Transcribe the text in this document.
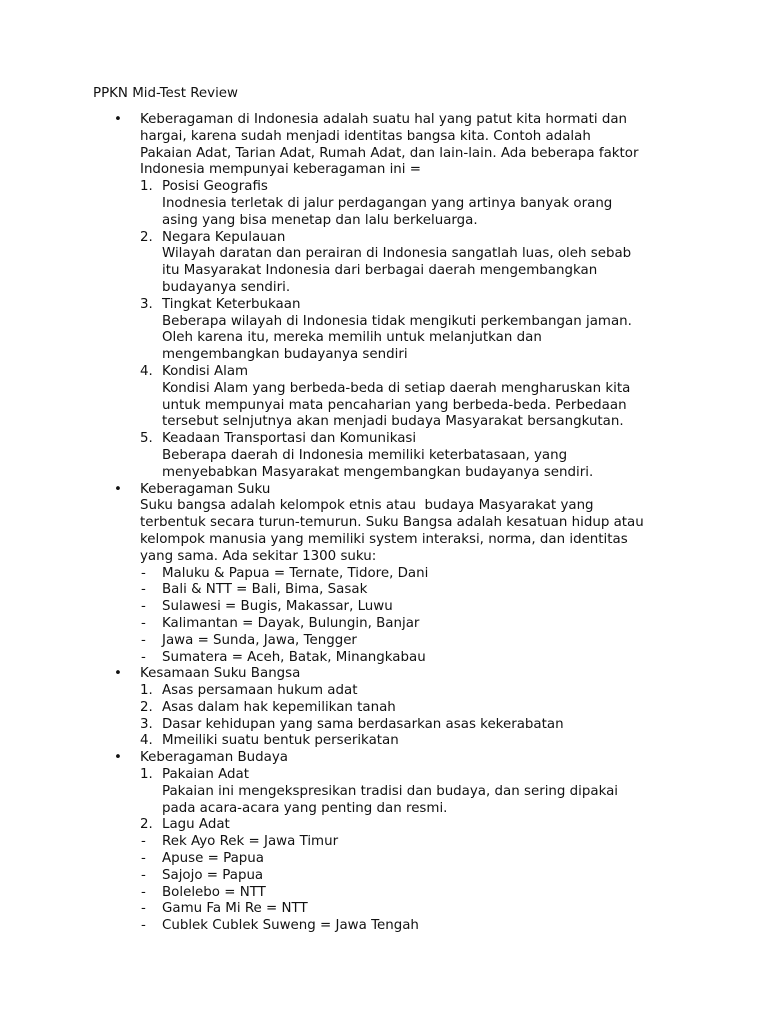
PPKN Mid-Test Review
• Keberagaman di Indonesia adalah suatu hal yang patut kita hormati dan
hargai, karena sudah menjadi identitas bangsa kita. Contoh adalah
Pakaian Adat, Tarian Adat, Rumah Adat, dan lain-lain. Ada beberapa faktor
Indonesia mempunyai keberagaman ini =
1. Posisi Geografis
Inodnesia terletak di jalur perdagangan yang artinya banyak orang
asing yang bisa menetap dan lalu berkeluarga.
2. Negara Kepulauan
Wilayah daratan dan perairan di Indonesia sangatlah luas, oleh sebab
itu Masyarakat Indonesia dari berbagai daerah mengembangkan
budayanya sendiri.
3. Tingkat Keterbukaan
Beberapa wilayah di Indonesia tidak mengikuti perkembangan jaman.
Oleh karena itu, mereka memilih untuk melanjutkan dan
mengembangkan budayanya sendiri
4. Kondisi Alam
Kondisi Alam yang berbeda-beda di setiap daerah mengharuskan kita
untuk mempunyai mata pencaharian yang berbeda-beda. Perbedaan
tersebut selnjutnya akan menjadi budaya Masyarakat bersangkutan.
5. Keadaan Transportasi dan Komunikasi
Beberapa daerah di Indonesia memiliki keterbatasaan, yang
menyebabkan Masyarakat mengembangkan budayanya sendiri.
• Keberagaman Suku
Suku bangsa adalah kelompok etnis atau  budaya Masyarakat yang
terbentuk secara turun-temurun. Suku Bangsa adalah kesatuan hidup atau
kelompok manusia yang memiliki system interaksi, norma, dan identitas
yang sama. Ada sekitar 1300 suku:
- Maluku & Papua = Ternate, Tidore, Dani
- Bali & NTT = Bali, Bima, Sasak
- Sulawesi = Bugis, Makassar, Luwu
- Kalimantan = Dayak, Bulungin, Banjar
- Jawa = Sunda, Jawa, Tengger
- Sumatera = Aceh, Batak, Minangkabau
• Kesamaan Suku Bangsa
1. Asas persamaan hukum adat
2. Asas dalam hak kepemilikan tanah
3. Dasar kehidupan yang sama berdasarkan asas kekerabatan
4. Mmeiliki suatu bentuk perserikatan
• Keberagaman Budaya
1. Pakaian Adat
Pakaian ini mengekspresikan tradisi dan budaya, dan sering dipakai
pada acara-acara yang penting dan resmi.
2. Lagu Adat
- Rek Ayo Rek = Jawa Timur
- Apuse = Papua
- Sajojo = Papua
- Bolelebo = NTT
- Gamu Fa Mi Re = NTT
- Cublek Cublek Suweng = Jawa Tengah
